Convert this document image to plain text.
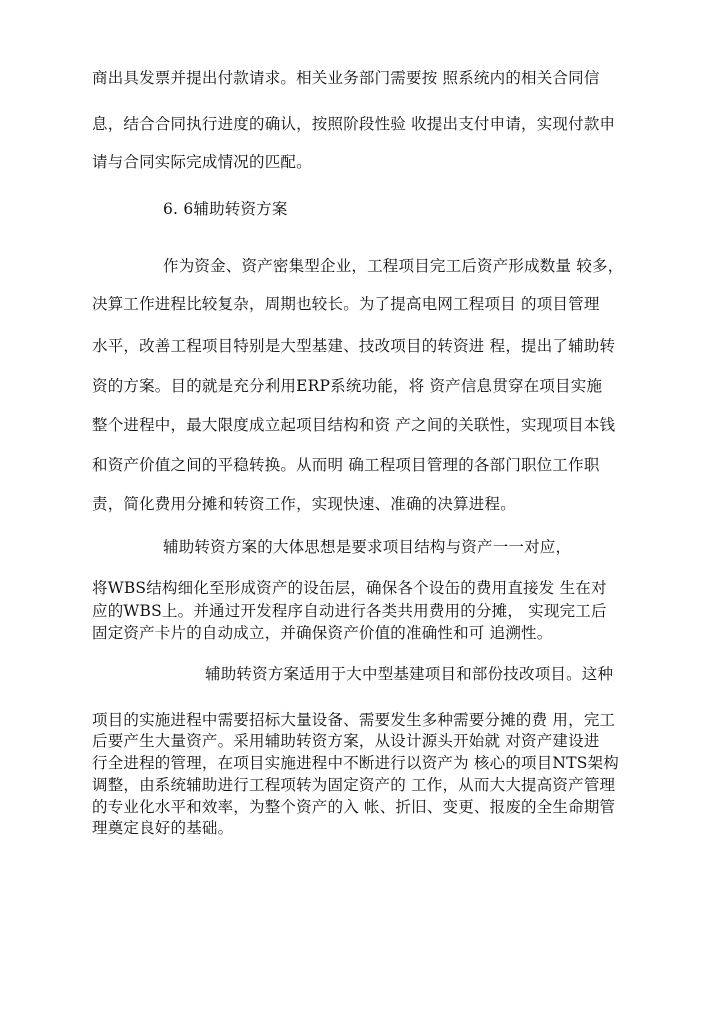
商出具发票并提出付款请求。相关业务部门需要按 照系统内的相关合同信
息，结合合同执行进度的确认，按照阶段性验 收提出支付申请，实现付款申
请与合同实际完成情况的匹配。
6. 6辅助转资方案
作为资金、资产密集型企业，工程项目完工后资产形成数量 较多，
决算工作进程比较复杂，周期也较长。为了提高电网工程项目 的项目管理
水平，改善工程项目特别是大型基建、技改项目的转资进 程，提出了辅助转
资的方案。目的就是充分利用ERP系统功能，将 资产信息贯穿在项目实施
整个进程中，最大限度成立起项目结构和资 产之间的关联性，实现项目本钱
和资产价值之间的平稳转换。从而明 确工程项目管理的各部门职位工作职
责，简化费用分摊和转资工作，实现快速、准确的决算进程。
辅助转资方案的大体思想是要求项目结构与资产一一对应，
将WBS结构细化至形成资产的设缶层，确保各个设缶的费用直接发 生在对
应的WBS上。并通过开发程序自动进行各类共用费用的分摊， 实现完工后
固定资产卡片的自动成立，并确保资产价值的准确性和可 追溯性。
辅助转资方案适用于大中型基建项目和部份技改项目。这种
项目的实施进程中需要招标大量设备、需要发生多种需要分摊的费 用，完工
后要产生大量资产。采用辅助转资方案，从设计源头开始就 对资产建设进
行全进程的管理，在项目实施进程中不断进行以资产为 核心的项目NTS架构
调整，由系统辅助进行工程项转为固定资产的 工作，从而大大提高资产管理
的专业化水平和效率，为整个资产的入 帐、折旧、变更、报废的全生命期管
理奠定良好的基础。
